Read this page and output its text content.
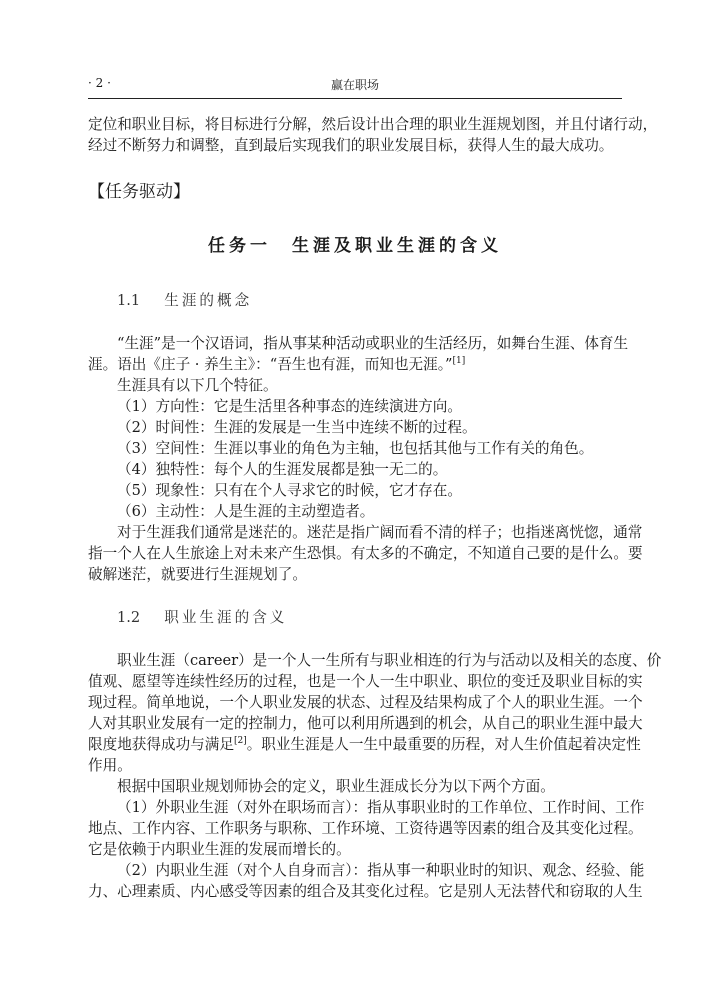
· 2 ·	赢在职场
定位和职业目标，将目标进行分解，然后设计出合理的职业生涯规划图，并且付诸行动，
经过不断努力和调整，直到最后实现我们的职业发展目标，获得人生的最大成功。
【任务驱动】
任务一　生涯及职业生涯的含义
1.1 生涯的概念
“生涯”是一个汉语词，指从事某种活动或职业的生活经历，如舞台生涯、体育生
涯。语出《庄子 · 养生主》：“吾生也有涯，而知也无涯。”[1]
生涯具有以下几个特征。
（1）方向性：它是生活里各种事态的连续演进方向。
（2）时间性：生涯的发展是一生当中连续不断的过程。
（3）空间性：生涯以事业的角色为主轴，也包括其他与工作有关的角色。
（4）独特性：每个人的生涯发展都是独一无二的。
（5）现象性：只有在个人寻求它的时候，它才存在。
（6）主动性：人是生涯的主动塑造者。
对于生涯我们通常是迷茫的。迷茫是指广阔而看不清的样子；也指迷离恍惚，通常
指一个人在人生旅途上对未来产生恐惧。有太多的不确定，不知道自己要的是什么。要
破解迷茫，就要进行生涯规划了。
1.2 职业生涯的含义
职业生涯（career）是一个人一生所有与职业相连的行为与活动以及相关的态度、价
值观、愿望等连续性经历的过程，也是一个人一生中职业、职位的变迁及职业目标的实
现过程。简单地说，一个人职业发展的状态、过程及结果构成了个人的职业生涯。一个
人对其职业发展有一定的控制力，他可以利用所遇到的机会，从自己的职业生涯中最大
限度地获得成功与满足[2]。职业生涯是人一生中最重要的历程，对人生价值起着决定性
作用。
根据中国职业规划师协会的定义，职业生涯成长分为以下两个方面。
（1）外职业生涯（对外在职场而言）：指从事职业时的工作单位、工作时间、工作
地点、工作内容、工作职务与职称、工作环境、工资待遇等因素的组合及其变化过程。
它是依赖于内职业生涯的发展而增长的。
（2）内职业生涯（对个人自身而言）：指从事一种职业时的知识、观念、经验、能
力、心理素质、内心感受等因素的组合及其变化过程。它是别人无法替代和窃取的人生
